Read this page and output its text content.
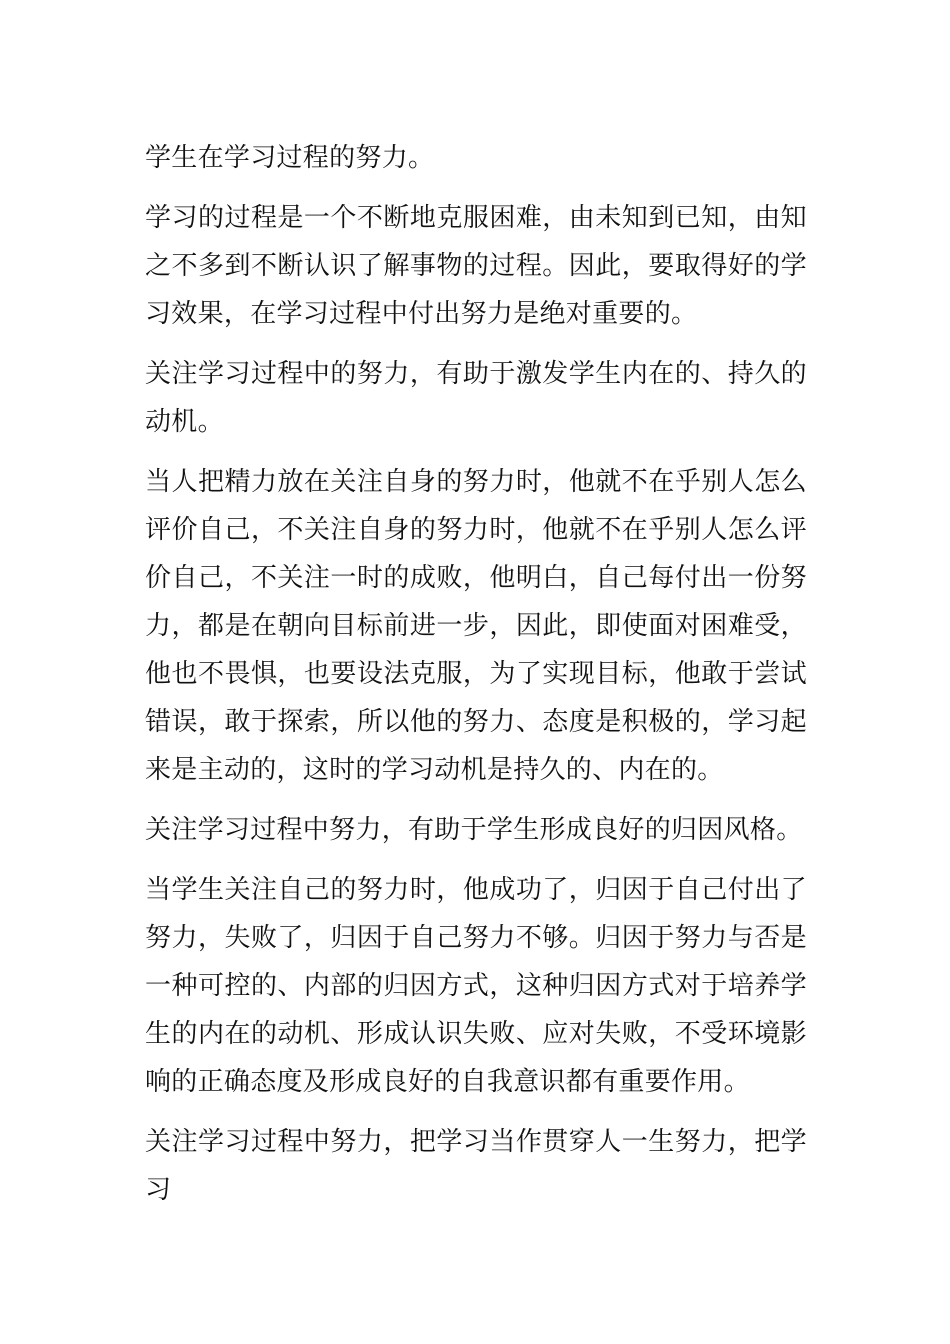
学生在学习过程的努力。

学习的过程是一个不断地克服困难，由未知到已知，由知之不多到不断认识了解事物的过程。因此，要取得好的学习效果，在学习过程中付出努力是绝对重要的。

关注学习过程中的努力，有助于激发学生内在的、持久的动机。

当人把精力放在关注自身的努力时，他就不在乎别人怎么评价自己，不关注自身的努力时，他就不在乎别人怎么评价自己，不关注一时的成败，他明白，自己每付出一份努力，都是在朝向目标前进一步，因此，即使面对困难受，他也不畏惧，也要设法克服，为了实现目标，他敢于尝试错误，敢于探索，所以他的努力、态度是积极的，学习起来是主动的，这时的学习动机是持久的、内在的。

关注学习过程中努力，有助于学生形成良好的归因风格。

当学生关注自己的努力时，他成功了，归因于自己付出了努力，失败了，归因于自己努力不够。归因于努力与否是一种可控的、内部的归因方式，这种归因方式对于培养学生的内在的动机、形成认识失败、应对失败，不受环境影响的正确态度及形成良好的自我意识都有重要作用。

关注学习过程中努力，把学习当作贯穿人一生努力，把学习
